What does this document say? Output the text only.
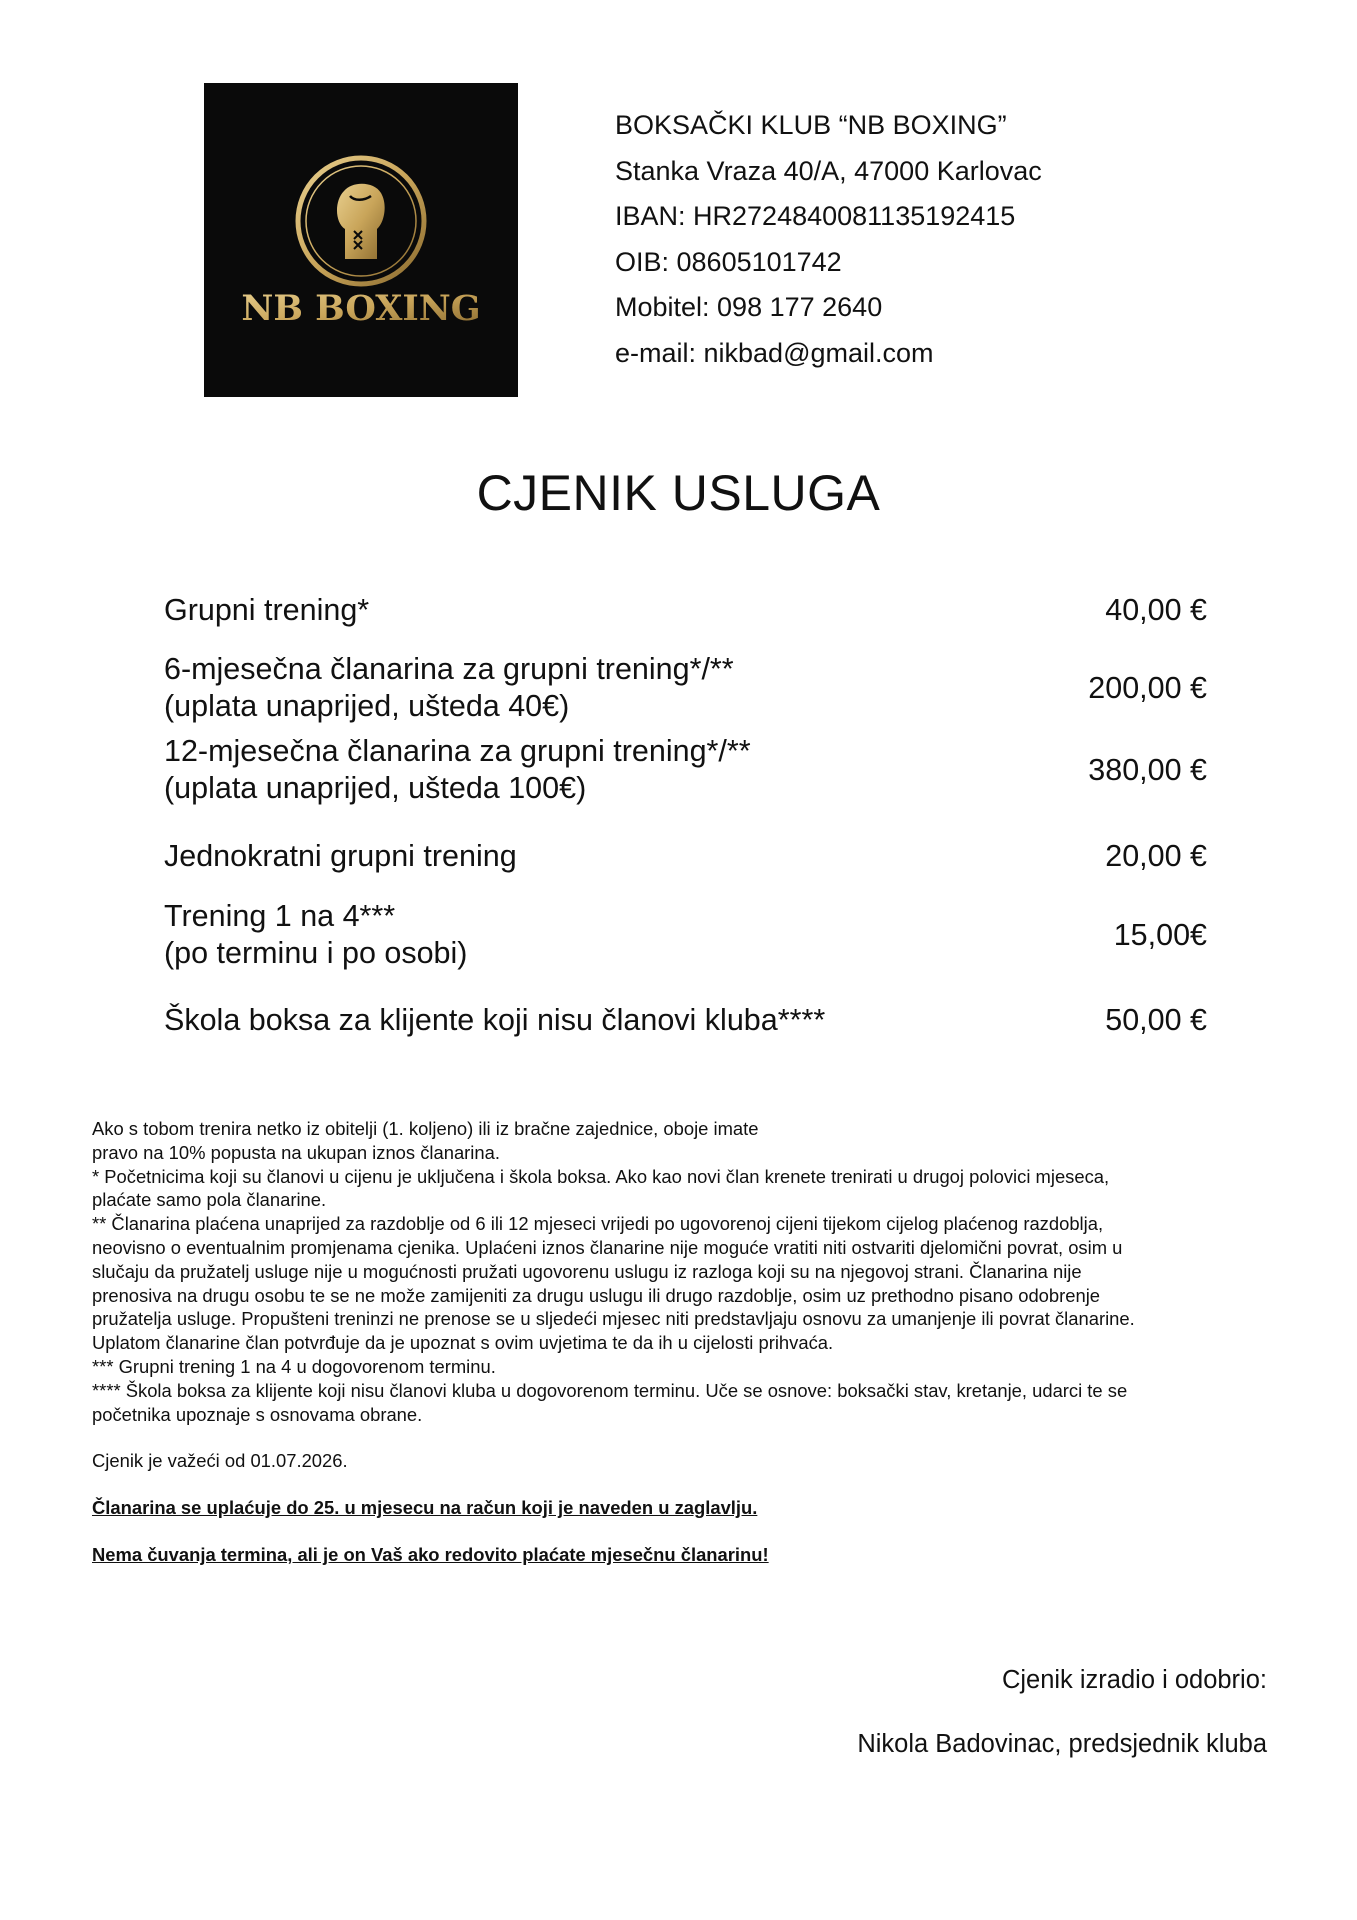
NB BOXING
BOKSAČKI KLUB “NB BOXING”
Stanka Vraza 40/A, 47000 Karlovac
IBAN: HR2724840081135192415
OIB: 08605101742
Mobitel: 098 177 2640
e-mail: nikbad@gmail.com
CJENIK USLUGA
Grupni trening*	40,00 €
6-mjesečna članarina za grupni trening*/**
(uplata unaprijed, ušteda 40€)
200,00 €
12-mjesečna članarina za grupni trening*/**
(uplata unaprijed, ušteda 100€)
380,00 €
Jednokratni grupni trening	20,00 €
Trening 1 na 4***
(po terminu i po osobi)
15,00€
Škola boksa za klijente koji nisu članovi kluba****	50,00 €

Ako s tobom trenira netko iz obitelji (1. koljeno) ili iz bračne zajednice, oboje imate

pravo na 10% popusta na ukupan iznos članarina.

* Početnicima koji su članovi u cijenu je uključena i škola boksa. Ako kao novi član krenete trenirati u drugoj polovici mjeseca,

plaćate samo pola članarine.

** Članarina plaćena unaprijed za razdoblje od 6 ili 12 mjeseci vrijedi po ugovorenoj cijeni tijekom cijelog plaćenog razdoblja,

neovisno o eventualnim promjenama cjenika. Uplaćeni iznos članarine nije moguće vratiti niti ostvariti djelomični povrat, osim u

slučaju da pružatelj usluge nije u mogućnosti pružati ugovorenu uslugu iz razloga koji su na njegovoj strani. Članarina nije

prenosiva na drugu osobu te se ne može zamijeniti za drugu uslugu ili drugo razdoblje, osim uz prethodno pisano odobrenje

pružatelja usluge. Propušteni treninzi ne prenose se u sljedeći mjesec niti predstavljaju osnovu za umanjenje ili povrat članarine.

Uplatom članarine član potvrđuje da je upoznat s ovim uvjetima te da ih u cijelosti prihvaća.

*** Grupni trening 1 na 4 u dogovorenom terminu.

**** Škola boksa za klijente koji nisu članovi kluba u dogovorenom terminu. Uče se osnove: boksački stav, kretanje, udarci te se

početnika upoznaje s osnovama obrane.

Cjenik je važeći od 01.07.2026.

Članarina se uplaćuje do 25. u mjesecu na račun koji je naveden u zaglavlju.

Nema čuvanja termina, ali je on Vaš ako redovito plaćate mjesečnu članarinu!

Cjenik izradio i odobrio:
Nikola Badovinac, predsjednik kluba
